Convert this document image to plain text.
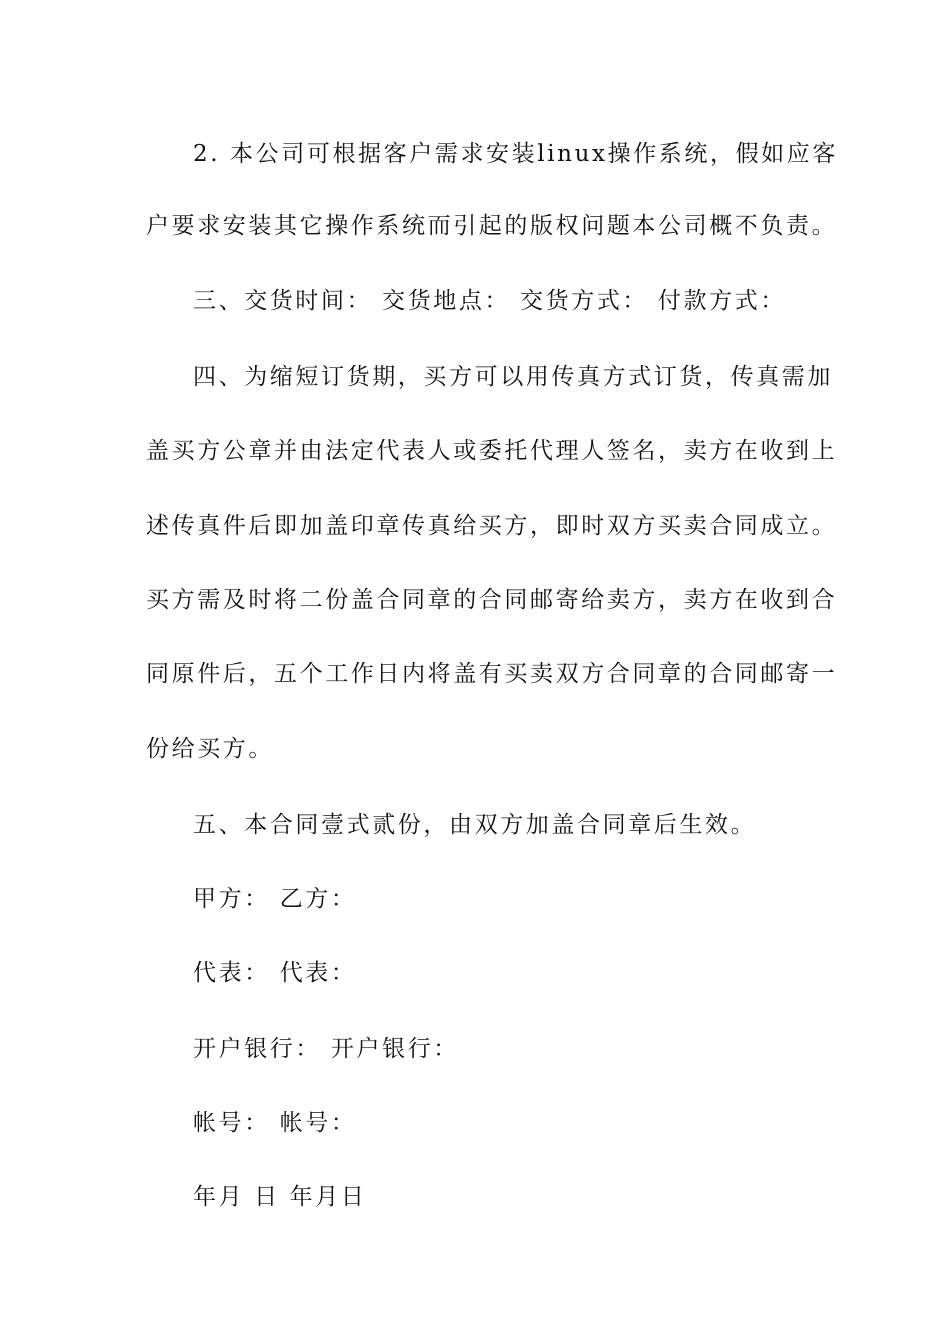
2. 本公司可根据客户需求安装linux操作系统，假如应客
户要求安装其它操作系统而引起的版权问题本公司概不负责。
三、交货时间： 交货地点： 交货方式： 付款方式：
四、为缩短订货期，买方可以用传真方式订货，传真需加
盖买方公章并由法定代表人或委托代理人签名，卖方在收到上
述传真件后即加盖印章传真给买方，即时双方买卖合同成立。
买方需及时将二份盖合同章的合同邮寄给卖方，卖方在收到合
同原件后，五个工作日内将盖有买卖双方合同章的合同邮寄一
份给买方。
五、本合同壹式贰份，由双方加盖合同章后生效。
甲方： 乙方：
代表： 代表：
开户银行： 开户银行：
帐号： 帐号：
年月 日 年月日
